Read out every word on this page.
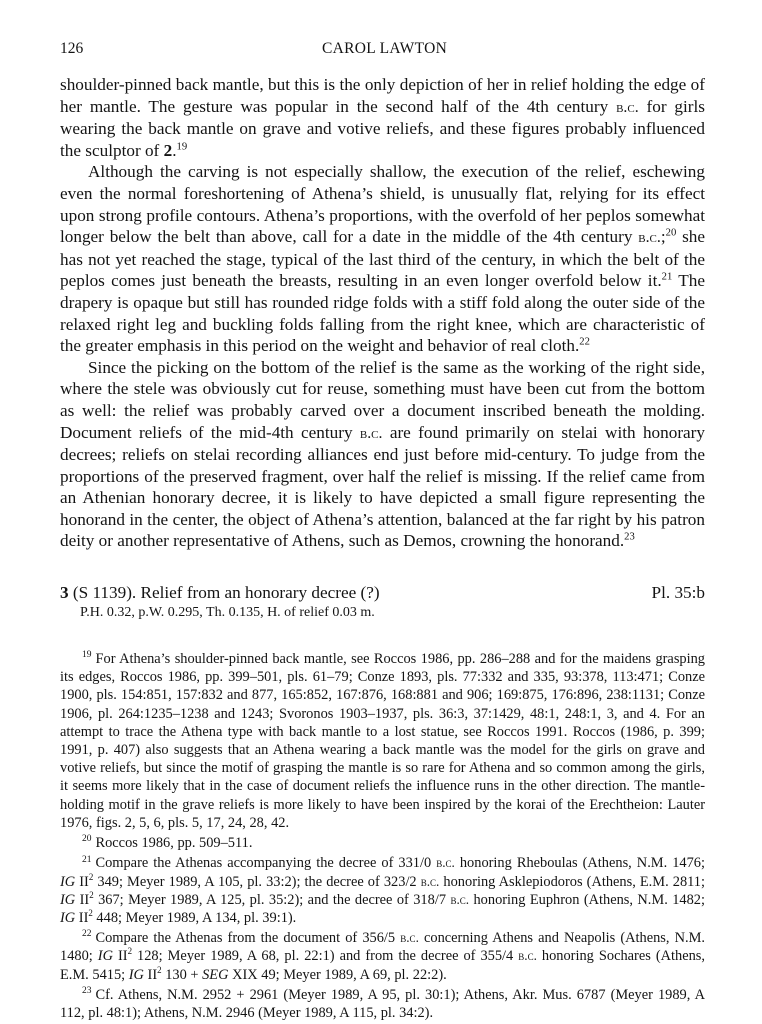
126	CAROL LAWTON

shoulder-pinned back mantle, but this is the only depiction of her in relief holding the edge of her mantle. The gesture was popular in the second half of the 4th century b.c. for girls wearing the back mantle on grave and votive reliefs, and these figures probably influenced the sculptor of 2.19

Although the carving is not especially shallow, the execution of the relief, eschewing even the normal foreshortening of Athena’s shield, is unusually flat, relying for its effect upon strong profile contours. Athena’s proportions, with the overfold of her peplos somewhat longer below the belt than above, call for a date in the middle of the 4th century b.c.;$^{20}$ she has not yet reached the stage, typical of the last third of the century, in which the belt of the peplos comes just beneath the breasts, resulting in an even longer overfold below it.$^{21}$ The drapery is opaque but still has rounded ridge folds with a stiff fold along the outer side of the relaxed right leg and buckling folds falling from the right knee, which are characteristic of the greater emphasis in this period on the weight and behavior of real cloth.$^{22}$

Since the picking on the bottom of the relief is the same as the working of the right side, where the stele was obviously cut for reuse, something must have been cut from the bottom as well: the relief was probably carved over a document inscribed beneath the molding. Document reliefs of the mid-4th century b.c. are found primarily on stelai with honorary decrees; reliefs on stelai recording alliances end just before mid-century. To judge from the proportions of the preserved fragment, over half the relief is missing. If the relief came from an Athenian honorary decree, it is likely to have depicted a small figure representing the honorand in the center, the object of Athena’s attention, balanced at the far right by his patron deity or another representative of Athens, such as Demos, crowning the honorand.$^{23}$

3 (S 1139). Relief from an honorary decree (?)	Pl. 35:b
P.H. 0.32, p.W. 0.295, Th. 0.135, H. of relief 0.03 m.

$^{19}$ For Athena’s shoulder-pinned back mantle, see Roccos 1986, pp. 286–288 and for the maidens grasping its edges, Roccos 1986, pp. 399–501, pls. 61–79; Conze 1893, pls. 77:332 and 335, 93:378, 113:471; Conze 1900, pls. 154:851, 157:832 and 877, 165:852, 167:876, 168:881 and 906; 169:875, 176:896, 238:1131; Conze 1906, pl. 264:1235–1238 and 1243; Svoronos 1903–1937, pls. 36:3, 37:1429, 48:1, 248:1, 3, and 4. For an attempt to trace the Athena type with back mantle to a lost statue, see Roccos 1991. Roccos (1986, p. 399; 1991, p. 407) also suggests that an Athena wearing a back mantle was the model for the girls on grave and votive reliefs, but since the motif of grasping the mantle is so rare for Athena and so common among the girls, it seems more likely that in the case of document reliefs the influence runs in the other direction. The mantle-holding motif in the grave reliefs is more likely to have been inspired by the korai of the Erechtheion: Lauter 1976, figs. 2, 5, 6, pls. 5, 17, 24, 28, 42.

$^{20}$ Roccos 1986, pp. 509–511.

$^{21}$ Compare the Athenas accompanying the decree of 331/0 b.c. honoring Rheboulas (Athens, N.M. 1476; IG $II^2$ 349; Meyer 1989, A 105, pl. 33:2); the decree of 323/2 b.c. honoring Asklepiodoros (Athens, E.M. 2811; IG $II^2$ 367; Meyer 1989, A 125, pl. 35:2); and the decree of 318/7 b.c. honoring Euphron (Athens, N.M. 1482; IG $II^2$ 448; Meyer 1989, A 134, pl. 39:1).

$^{22}$ Compare the Athenas from the document of 356/5 b.c. concerning Athens and Neapolis (Athens, N.M. 1480; IG $II^2$ 128; Meyer 1989, A 68, pl. 22:1) and from the decree of 355/4 b.c. honoring Sochares (Athens, E.M. 5415; IG $II^2$ 130 + SEG XIX 49; Meyer 1989, A 69, pl. 22:2).

$^{23}$ Cf. Athens, N.M. 2952 + 2961 (Meyer 1989, A 95, pl. 30:1); Athens, Akr. Mus. 6787 (Meyer 1989, A 112, pl. 48:1); Athens, N.M. 2946 (Meyer 1989, A 115, pl. 34:2).
